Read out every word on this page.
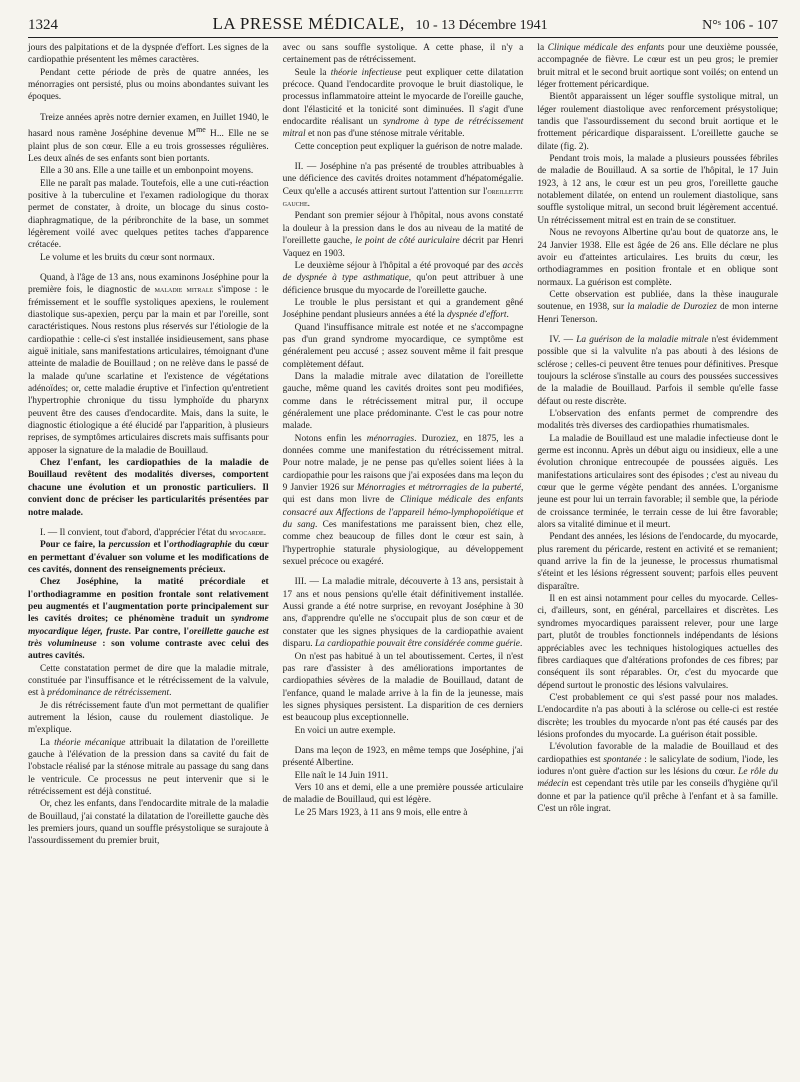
1324	LA PRESSE MÉDICALE, 10 - 13 Décembre 1941	N°ˢ 106 - 107

jours des palpitations et de la dyspnée d'effort. Les signes de la cardiopathie présentent les mêmes caractères.

Pendant cette période de près de quatre années, les ménorragies ont persisté, plus ou moins abondantes suivant les époques.

Treize années après notre dernier examen, en Juillet 1940, le hasard nous ramène Joséphine devenue $M^{me}$ H... Elle ne se plaint plus de son cœur. Elle a eu trois grossesses régulières. Les deux aînés de ses enfants sont bien portants.

Elle a 30 ans. Elle a une taille et un embonpoint moyens.

Elle ne paraît pas malade. Toutefois, elle a une cuti-réaction positive à la tuberculine et l'examen radiologique du thorax permet de constater, à droite, un blocage du sinus costo-diaphragmatique, de la péribronchite de la base, un sommet légèrement voilé avec quelques petites taches d'apparence crétacée.

Le volume et les bruits du cœur sont normaux.

Quand, à l'âge de 13 ans, nous examinons Joséphine pour la première fois, le diagnostic de maladie mitrale s'impose : le frémissement et le souffle systoliques apexiens, le roulement diastolique sus-apexien, perçu par la main et par l'oreille, sont caractéristiques. Nous restons plus réservés sur l'étiologie de la cardiopathie : celle-ci s'est installée insidieusement, sans phase aiguë initiale, sans manifestations articulaires, témoignant d'une atteinte de maladie de Bouillaud ; on ne relève dans le passé de la malade qu'une scarlatine et l'existence de végétations adénoïdes; or, cette maladie éruptive et l'infection qu'entretient l'hypertrophie chronique du tissu lymphoïde du pharynx peuvent être des causes d'endocardite. Mais, dans la suite, le diagnostic étiologique a été élucidé par l'apparition, à plusieurs reprises, de symptômes articulaires discrets mais suffisants pour apposer la signature de la maladie de Bouillaud.

Chez l'enfant, les cardiopathies de la maladie de Bouillaud revêtent des modalités diverses, comportent chacune une évolution et un pronostic particuliers. Il convient donc de préciser les particularités présentées par notre malade.

I. — Il convient, tout d'abord, d'apprécier l'état du myocarde.

Pour ce faire, la percussion et l'orthodiagraphie du cœur en permettant d'évaluer son volume et les modifications de ces cavités, donnent des renseignements précieux.

Chez Joséphine, la matité précordiale et l'orthodiagramme en position frontale sont relativement peu augmentés et l'augmentation porte principalement sur les cavités droites; ce phénomène traduit un syndrome myocardique léger, fruste. Par contre, l'oreillette gauche est très volumineuse : son volume contraste avec celui des autres cavités.

Cette constatation permet de dire que la maladie mitrale, constituée par l'insuffisance et le rétrécissement de la valvule, est à prédominance de rétrécissement.

Je dis rétrécissement faute d'un mot permettant de qualifier autrement la lésion, cause du roulement diastolique. Je m'explique.

La théorie mécanique attribuait la dilatation de l'oreillette gauche à l'élévation de la pression dans sa cavité du fait de l'obstacle réalisé par la sténose mitrale au passage du sang dans le ventricule. Ce processus ne peut intervenir que si le rétrécissement est déjà constitué.

Or, chez les enfants, dans l'endocardite mitrale de la maladie de Bouillaud, j'ai constaté la dilatation de l'oreillette gauche dès les premiers jours, quand un souffle présystolique se surajoute à l'assourdissement du premier bruit,

avec ou sans souffle systolique. A cette phase, il n'y a certainement pas de rétrécissement.

Seule la théorie infectieuse peut expliquer cette dilatation précoce. Quand l'endocardite provoque le bruit diastolique, le processus inflammatoire atteint le myocarde de l'oreille gauche, dont l'élasticité et la tonicité sont diminuées. Il s'agit d'une endocardite réalisant un syndrome à type de rétrécissement mitral et non pas d'une sténose mitrale véritable.

Cette conception peut expliquer la guérison de notre malade.

II. — Joséphine n'a pas présenté de troubles attribuables à une déficience des cavités droites notamment d'hépatomégalie. Ceux qu'elle a accusés attirent surtout l'attention sur l'oreillette gauche.

Pendant son premier séjour à l'hôpital, nous avons constaté la douleur à la pression dans le dos au niveau de la matité de l'oreillette gauche, le point de côté auriculaire décrit par Henri Vaquez en 1903.

Le deuxième séjour à l'hôpital a été provoqué par des accès de dyspnée à type asthmatique, qu'on peut attribuer à une déficience brusque du myocarde de l'oreillette gauche.

Le trouble le plus persistant et qui a grandement gêné Joséphine pendant plusieurs années a été la dyspnée d'effort.

Quand l'insuffisance mitrale est notée et ne s'accompagne pas d'un grand syndrome myocardique, ce symptôme est généralement peu accusé ; assez souvent même il fait presque complètement défaut.

Dans la maladie mitrale avec dilatation de l'oreillette gauche, même quand les cavités droites sont peu modifiées, comme dans le rétrécissement mitral pur, il occupe généralement une place prédominante. C'est le cas pour notre malade.

Notons enfin les ménorragies. Duroziez, en 1875, les a données comme une manifestation du rétrécissement mitral. Pour notre malade, je ne pense pas qu'elles soient liées à la cardiopathie pour les raisons que j'ai exposées dans ma leçon du 9 Janvier 1926 sur Ménorragies et métrorragies de la puberté, qui est dans mon livre de Clinique médicale des enfants consacré aux Affections de l'appareil hémo-lymphopoïétique et du sang. Ces manifestations me paraissent bien, chez elle, comme chez beaucoup de filles dont le cœur est sain, à l'hypertrophie staturale physiologique, au développement sexuel précoce ou exagéré.

III. — La maladie mitrale, découverte à 13 ans, persistait à 17 ans et nous pensions qu'elle était définitivement installée. Aussi grande a été notre surprise, en revoyant Joséphine à 30 ans, d'apprendre qu'elle ne s'occupait plus de son cœur et de constater que les signes physiques de la cardiopathie avaient disparu. La cardiopathie pouvait être considérée comme guérie.

On n'est pas habitué à un tel aboutissement. Certes, il n'est pas rare d'assister à des améliorations importantes de cardiopathies sévères de la maladie de Bouillaud, datant de l'enfance, quand le malade arrive à la fin de la jeunesse, mais les signes physiques persistent. La disparition de ces derniers est beaucoup plus exceptionnelle.

En voici un autre exemple.

Dans ma leçon de 1923, en même temps que Joséphine, j'ai présenté Albertine.

Elle naît le 14 Juin 1911.

Vers 10 ans et demi, elle a une première poussée articulaire de maladie de Bouillaud, qui est légère.

Le 25 Mars 1923, à 11 ans 9 mois, elle entre à

la Clinique médicale des enfants pour une deuxième poussée, accompagnée de fièvre. Le cœur est un peu gros; le premier bruit mitral et le second bruit aortique sont voilés; on entend un léger frottement péricardique.

Bientôt apparaissent un léger souffle systolique mitral, un léger roulement diastolique avec renforcement présystolique; tandis que l'assourdissement du second bruit aortique et le frottement péricardique disparaissent. L'oreillette gauche se dilate (fig. 2).

Pendant trois mois, la malade a plusieurs poussées fébriles de maladie de Bouillaud. A sa sortie de l'hôpital, le 17 Juin 1923, à 12 ans, le cœur est un peu gros, l'oreillette gauche notablement dilatée, on entend un roulement diastolique, sans souffle systolique mitral, un second bruit légèrement accentué. Un rétrécissement mitral est en train de se constituer.

Nous ne revoyons Albertine qu'au bout de quatorze ans, le 24 Janvier 1938. Elle est âgée de 26 ans. Elle déclare ne plus avoir eu d'atteintes articulaires. Les bruits du cœur, les orthodiagrammes en position frontale et en oblique sont normaux. La guérison est complète.

Cette observation est publiée, dans la thèse inaugurale soutenue, en 1938, sur la maladie de Duroziez de mon interne Henri Tenerson.

IV. — La guérison de la maladie mitrale n'est évidemment possible que si la valvulite n'a pas abouti à des lésions de sclérose ; celles-ci peuvent être tenues pour définitives. Presque toujours la sclérose s'installe au cours des poussées successives de la maladie de Bouillaud. Parfois il semble qu'elle fasse défaut ou reste discrète.

L'observation des enfants permet de comprendre des modalités très diverses des cardiopathies rhumatismales.

La maladie de Bouillaud est une maladie infectieuse dont le germe est inconnu. Après un début aigu ou insidieux, elle a une évolution chronique entrecoupée de poussées aiguës. Les manifestations articulaires sont des épisodes ; c'est au niveau du cœur que le germe végète pendant des années. L'organisme jeune est pour lui un terrain favorable; il semble que, la période de croissance terminée, le terrain cesse de lui être favorable; alors sa vitalité diminue et il meurt.

Pendant des années, les lésions de l'endocarde, du myocarde, plus rarement du péricarde, restent en activité et se remanient; quand arrive la fin de la jeunesse, le processus rhumatismal s'éteint et les lésions régressent souvent; parfois elles peuvent disparaître.

Il en est ainsi notamment pour celles du myocarde. Celles-ci, d'ailleurs, sont, en général, parcellaires et discrètes. Les syndromes myocardiques paraissent relever, pour une large part, plutôt de troubles fonctionnels indépendants de lésions appréciables avec les techniques histologiques actuelles des fibres cardiaques que d'altérations profondes de ces fibres; par conséquent ils sont réparables. Or, c'est du myocarde que dépend surtout le pronostic des lésions valvulaires.

C'est probablement ce qui s'est passé pour nos malades. L'endocardite n'a pas abouti à la sclérose ou celle-ci est restée discrète; les troubles du myocarde n'ont pas été causés par des lésions profondes du myocarde. La guérison était possible.

L'évolution favorable de la maladie de Bouillaud et des cardiopathies est spontanée : le salicylate de sodium, l'iode, les iodures n'ont guère d'action sur les lésions du cœur. Le rôle du médecin est cependant très utile par les conseils d'hygiène qu'il donne et par la patience qu'il prêche à l'enfant et à sa famille. C'est un rôle ingrat.
